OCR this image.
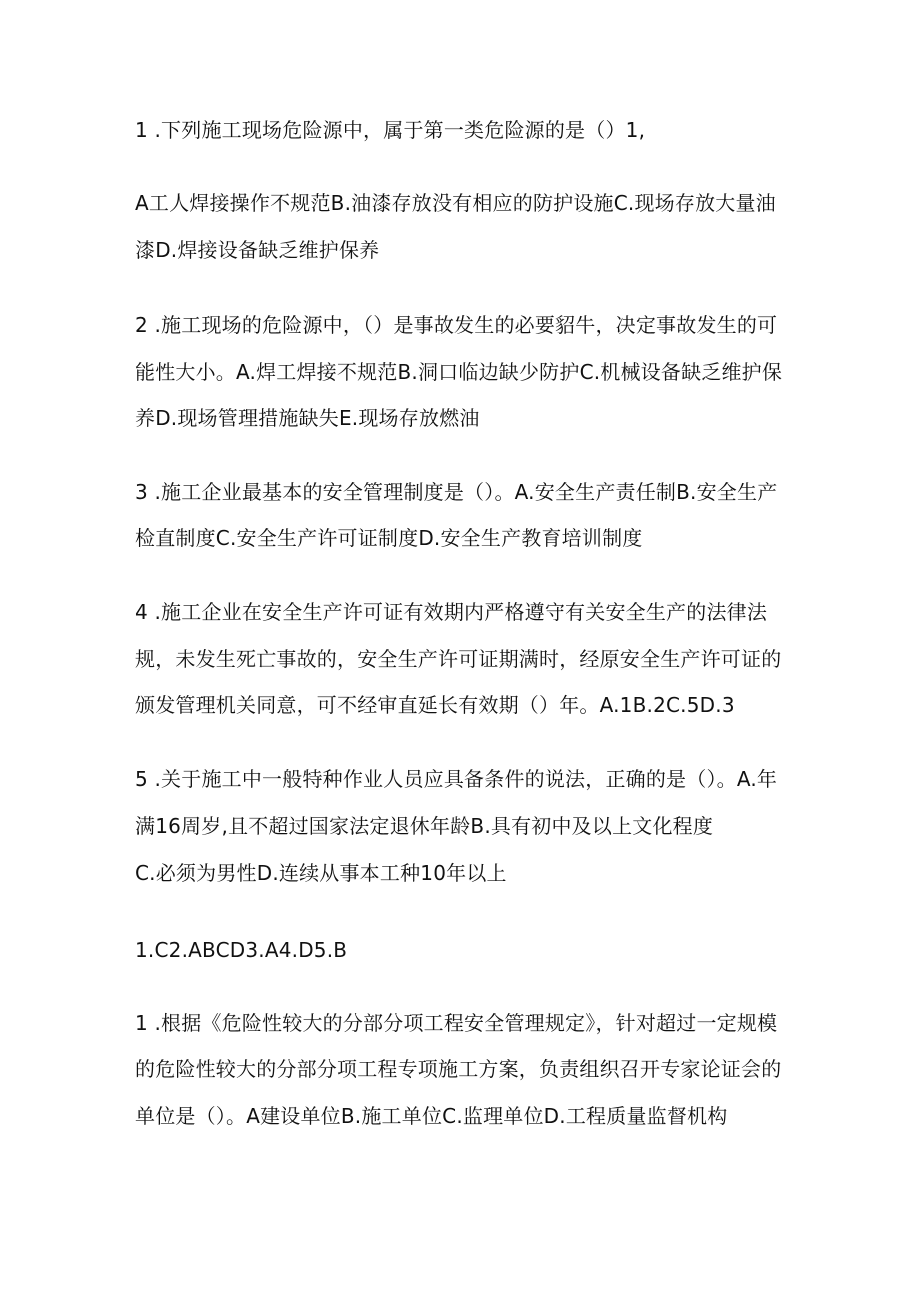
1 .下列施工现场危险源中，属于第一类危险源的是（）1,
A工人焊接操作不规范B.油漆存放没有相应的防护设施C.现场存放大量油
漆D.焊接设备缺乏维护保养
2 .施工现场的危险源中，（）是事故发生的必要貂牛，决定事故发生的可
能性大小。A.焊工焊接不规范B.洞口临边缺少防护C.机械设备缺乏维护保
养D.现场管理措施缺失E.现场存放燃油
3 .施工企业最基本的安全管理制度是（）。A.安全生产责任制B.安全生产
检直制度C.安全生产许可证制度D.安全生产教育培训制度
4 .施工企业在安全生产许可证有效期内严格遵守有关安全生产的法律法
规，未发生死亡事故的，安全生产许可证期满时，经原安全生产许可证的
颁发管理机关同意，可不经审直延长有效期（）年。A.1B.2C.5D.3
5 .关于施工中一般特种作业人员应具备条件的说法，正确的是（）。A.年
满16周岁,且不超过国家法定退休年龄B.具有初中及以上文化程度
C.必须为男性D.连续从事本工种10年以上
1.C2.ABCD3.A4.D5.B
1 .根据《危险性较大的分部分项工程安全管理规定》，针对超过一定规模
的危险性较大的分部分项工程专项施工方案，负责组织召开专家论证会的
单位是（）。A建设单位B.施工单位C.监理单位D.工程质量监督机构
